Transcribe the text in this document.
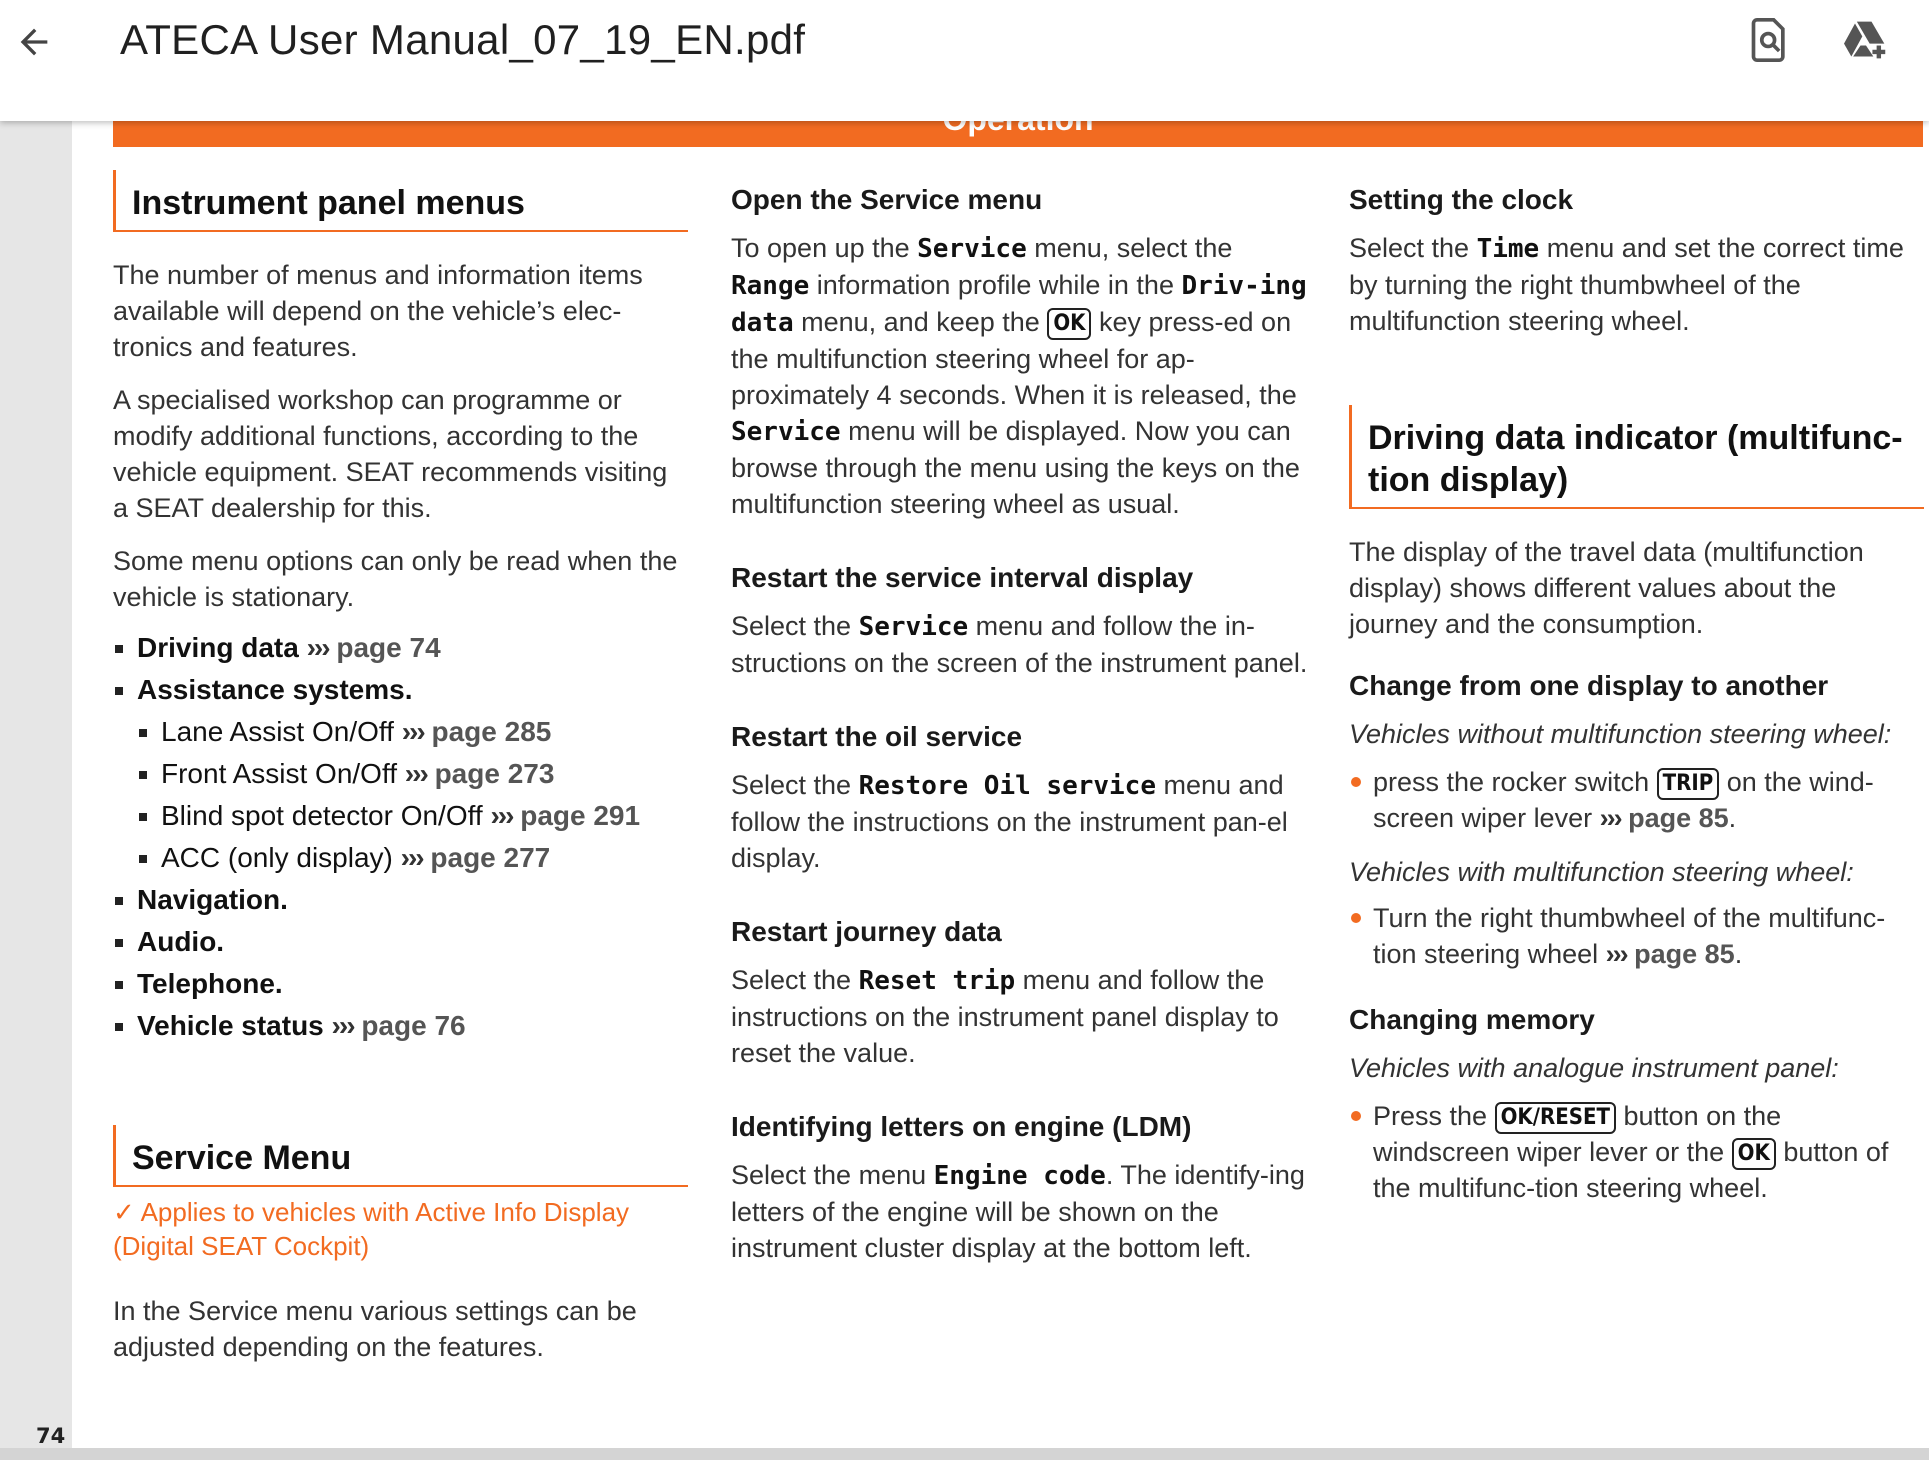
ATECA User Manual_07_19_EN.pdf
Instrument panel menus

The number of menus and information items available will depend on the vehicle’s elec-tronics and features.

A specialised workshop can programme or modify additional functions, according to the vehicle equipment. SEAT recommends visiting a SEAT dealership for this.

Some menu options can only be read when the vehicle is stationary.

Driving data ››› page 74
Assistance systems.
Lane Assist On/Off ››› page 285
Front Assist On/Off ››› page 273
Blind spot detector On/Off ››› page 291
ACC (only display) ››› page 277
Navigation.
Audio.
Telephone.
Vehicle status ››› page 76
Service Menu

✓ Applies to vehicles with Active Info Display (Digital SEAT Cockpit)

In the Service menu various settings can be adjusted depending on the features.

Open the Service menu

To open up the Service menu, select the Range information profile while in the Driv-ing data menu, and keep the OK key press-ed on the multifunction steering wheel for ap-proximately 4 seconds. When it is released, the Service menu will be displayed. Now you can browse through the menu using the keys on the multifunction steering wheel as usual.

Restart the service interval display

Select the Service menu and follow the in-structions on the screen of the instrument panel.

Restart the oil service

Select the Restore Oil service menu and follow the instructions on the instrument pan-el display.

Restart journey data

Select the Reset trip menu and follow the instructions on the instrument panel display to reset the value.

Identifying letters on engine (LDM)

Select the menu Engine code. The identify-ing letters of the engine will be shown on the instrument cluster display at the bottom left.

Setting the clock

Select the Time menu and set the correct time by turning the right thumbwheel of the multifunction steering wheel.

Driving data indicator (multifunc-tion display)

The display of the travel data (multifunction display) shows different values about the journey and the consumption.

Change from one display to another

Vehicles without multifunction steering wheel:

press the rocker switch TRIP on the wind-screen wiper lever ››› page 85.

Vehicles with multifunction steering wheel:

Turn the right thumbwheel of the multifunc-tion steering wheel ››› page 85.

Changing memory

Vehicles with analogue instrument panel:

Press the OK/RESET button on the windscreen wiper lever or the OK button of the multifunc-tion steering wheel.

74
